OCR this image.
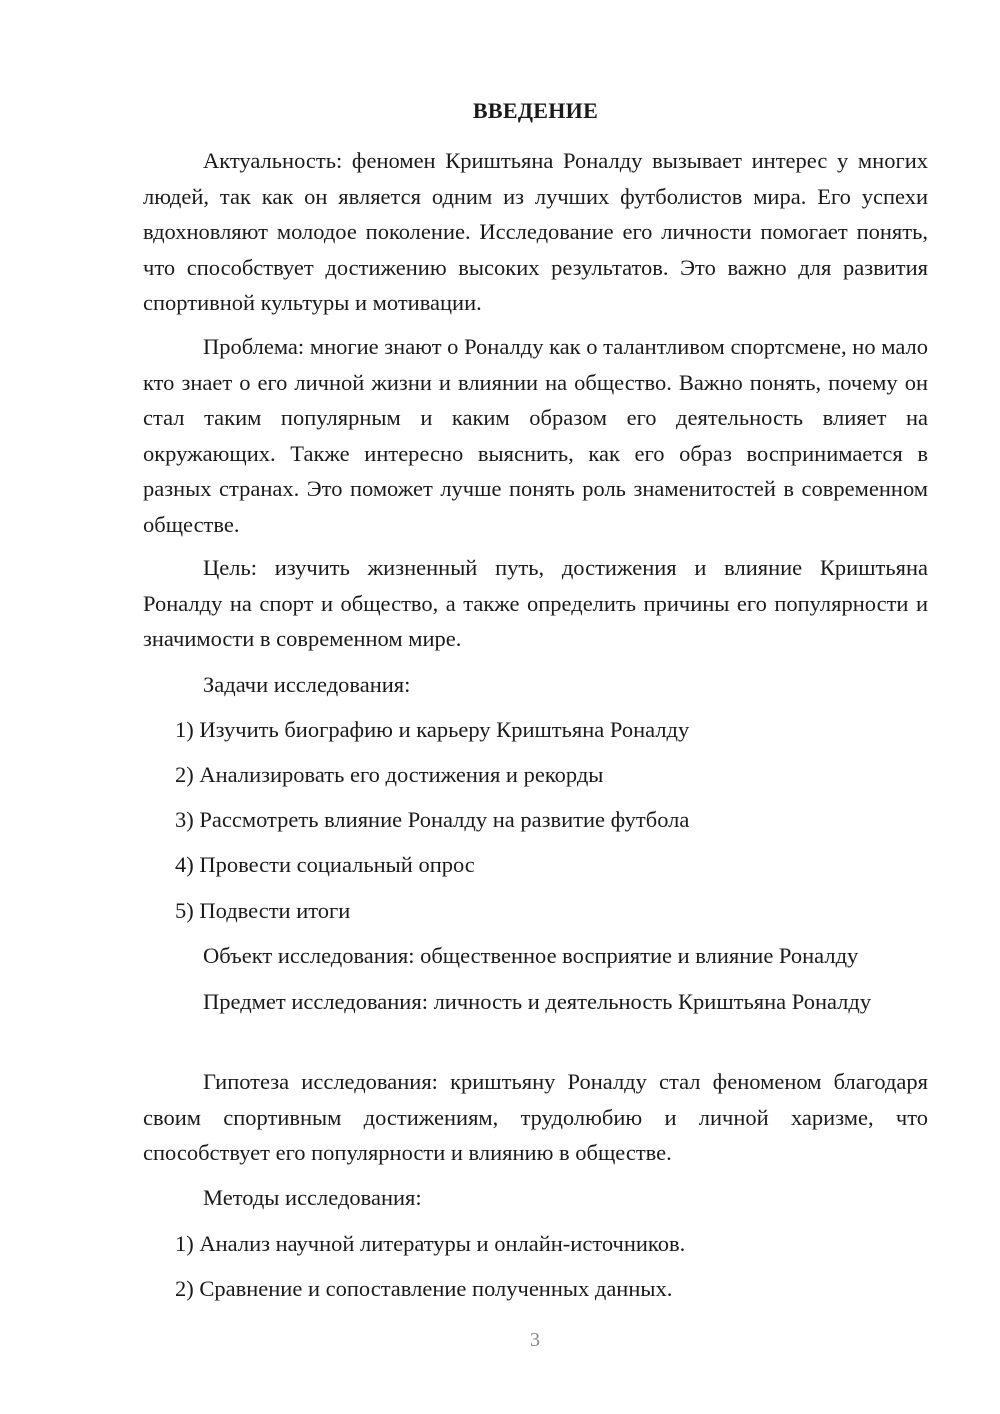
ВВЕДЕНИЕ

Актуальность: феномен Криштьяна Роналду вызывает интерес у многих людей, так как он является одним из лучших футболистов мира. Его успехи вдохновляют молодое поколение. Исследование его личности помогает понять, что способствует достижению высоких результатов. Это важно для развития спортивной культуры и мотивации.

Проблема: многие знают о Роналду как о талантливом спортсмене, но мало кто знает о его личной жизни и влиянии на общество. Важно понять, почему он стал таким популярным и каким образом его деятельность влияет на окружающих. Также интересно выяснить, как его образ воспринимается в разных странах. Это поможет лучше понять роль знаменитостей в современном обществе.

Цель: изучить жизненный путь, достижения и влияние Криштьяна Роналду на спорт и общество, а также определить причины его популярности и значимости в современном мире.

Задачи исследования:

1) Изучить биографию и карьеру Криштьяна Роналду

2) Анализировать его достижения и рекорды

3) Рассмотреть влияние Роналду на развитие футбола

4) Провести социальный опрос

5) Подвести итоги

Объект исследования: общественное восприятие и влияние Роналду

Предмет исследования: личность и деятельность Криштьяна Роналду

Гипотеза исследования: криштьяну Роналду стал феноменом благодаря своим спортивным достижениям, трудолюбию и личной харизме, что способствует его популярности и влиянию в обществе.

Методы исследования:

1) Анализ научной литературы и онлайн-источников.

2) Сравнение и сопоставление полученных данных.

3
